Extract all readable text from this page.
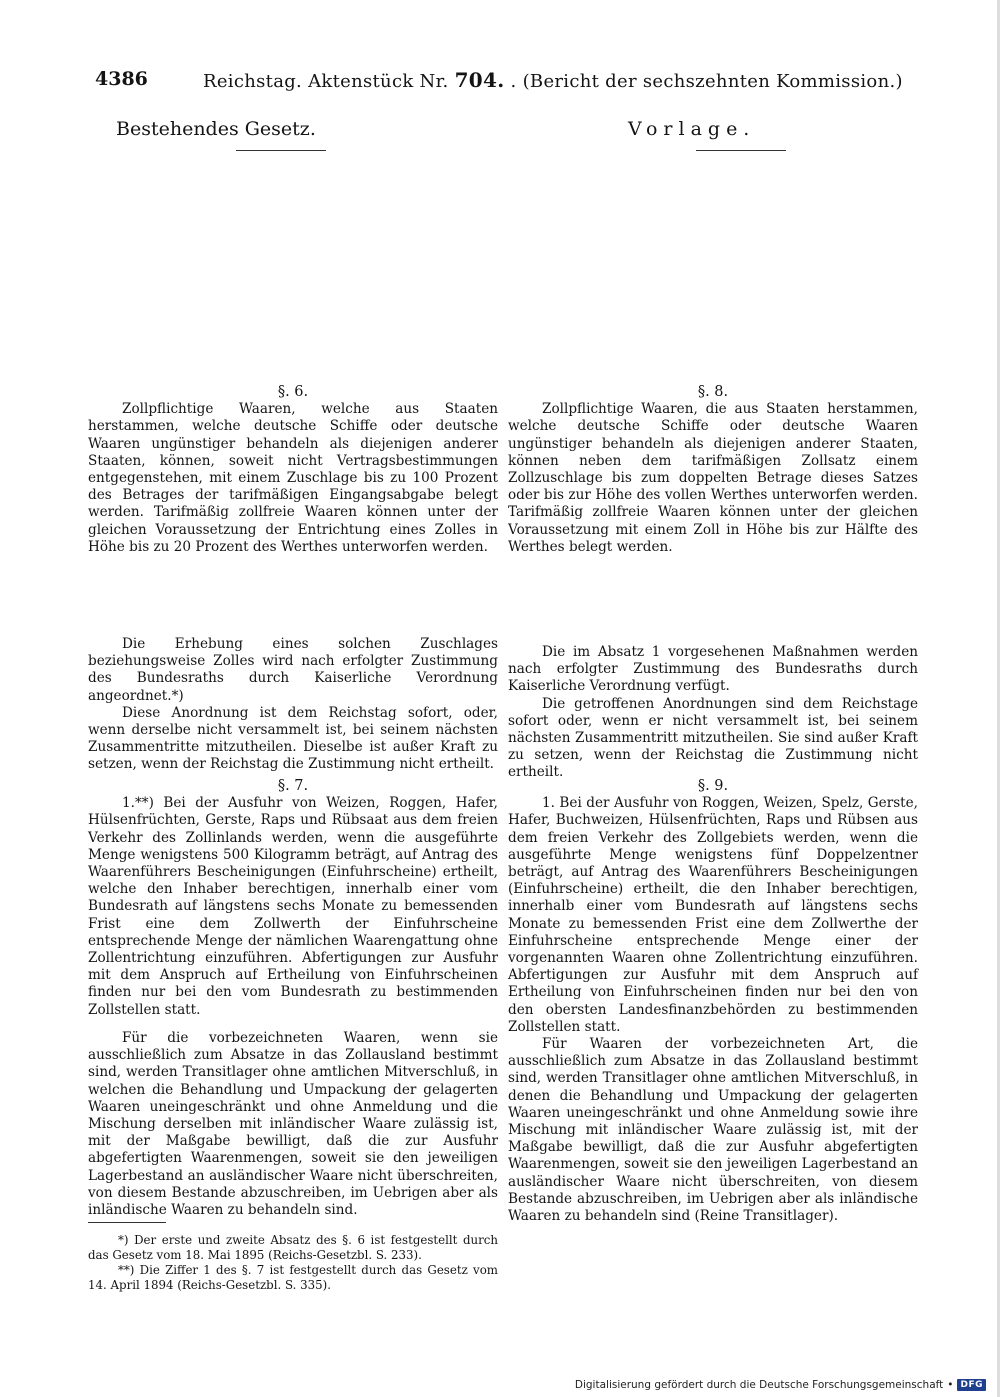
4386	Reichstag. Aktenstück Nr. 704. . (Bericht der sechszehnten Kommission.)
Bestehendes Gesetz.

§. 6.

Zollpflichtige Waaren, welche aus Staaten herstammen, welche deutsche Schiffe oder deutsche Waaren ungünstiger behandeln als diejenigen anderer Staaten, können, soweit nicht Vertragsbestimmungen entgegenstehen, mit einem Zuschlage bis zu 100 Prozent des Betrages der tarifmäßigen Eingangsabgabe belegt werden. Tarifmäßig zollfreie Waaren können unter der gleichen Voraussetzung der Entrichtung eines Zolles in Höhe bis zu 20 Prozent des Werthes unterworfen werden.

Die Erhebung eines solchen Zuschlages beziehungsweise Zolles wird nach erfolgter Zustimmung des Bundesraths durch Kaiserliche Verordnung angeordnet.*)

Diese Anordnung ist dem Reichstag sofort, oder, wenn derselbe nicht versammelt ist, bei seinem nächsten Zusammentritte mitzutheilen. Dieselbe ist außer Kraft zu setzen, wenn der Reichstag die Zustimmung nicht ertheilt.

§. 7.

1.**) Bei der Ausfuhr von Weizen, Roggen, Hafer, Hülsenfrüchten, Gerste, Raps und Rübsaat aus dem freien Verkehr des Zollinlands werden, wenn die ausgeführte Menge wenigstens 500 Kilogramm beträgt, auf Antrag des Waarenführers Bescheinigungen (Einfuhrscheine) ertheilt, welche den Inhaber berechtigen, innerhalb einer vom Bundesrath auf längstens sechs Monate zu bemessenden Frist eine dem Zollwerth der Einfuhrscheine entsprechende Menge der nämlichen Waarengattung ohne Zollentrichtung einzuführen. Abfertigungen zur Ausfuhr mit dem Anspruch auf Ertheilung von Einfuhrscheinen finden nur bei den vom Bundesrath zu bestimmenden Zollstellen statt.

Für die vorbezeichneten Waaren, wenn sie ausschließlich zum Absatze in das Zollausland bestimmt sind, werden Transitlager ohne amtlichen Mitverschluß, in welchen die Behandlung und Umpackung der gelagerten Waaren uneingeschränkt und ohne Anmeldung und die Mischung derselben mit inländischer Waare zulässig ist, mit der Maßgabe bewilligt, daß die zur Ausfuhr abgefertigten Waarenmengen, soweit sie den jeweiligen Lagerbestand an ausländischer Waare nicht überschreiten, von diesem Bestande abzuschreiben, im Uebrigen aber als inländische Waaren zu behandeln sind.

Vorlage.

§. 8.

Zollpflichtige Waaren, die aus Staaten herstammen, welche deutsche Schiffe oder deutsche Waaren ungünstiger behandeln als diejenigen anderer Staaten, können neben dem tarifmäßigen Zollsatz einem Zollzuschlage bis zum doppelten Betrage dieses Satzes oder bis zur Höhe des vollen Werthes unterworfen werden. Tarifmäßig zollfreie Waaren können unter der gleichen Voraussetzung mit einem Zoll in Höhe bis zur Hälfte des Werthes belegt werden.

Die im Absatz 1 vorgesehenen Maßnahmen werden nach erfolgter Zustimmung des Bundesraths durch Kaiserliche Verordnung verfügt.

Die getroffenen Anordnungen sind dem Reichstage sofort oder, wenn er nicht versammelt ist, bei seinem nächsten Zusammentritt mitzutheilen. Sie sind außer Kraft zu setzen, wenn der Reichstag die Zustimmung nicht ertheilt.

§. 9.

1. Bei der Ausfuhr von Roggen, Weizen, Spelz, Gerste, Hafer, Buchweizen, Hülsenfrüchten, Raps und Rübsen aus dem freien Verkehr des Zollgebiets werden, wenn die ausgeführte Menge wenigstens fünf Doppelzentner beträgt, auf Antrag des Waarenführers Bescheinigungen (Einfuhrscheine) ertheilt, die den Inhaber berechtigen, innerhalb einer vom Bundesrath auf längstens sechs Monate zu bemessenden Frist eine dem Zollwerthe der Einfuhrscheine entsprechende Menge einer der vorgenannten Waaren ohne Zollentrichtung einzuführen. Abfertigungen zur Ausfuhr mit dem Anspruch auf Ertheilung von Einfuhrscheinen finden nur bei den von den obersten Landesfinanzbehörden zu bestimmenden Zollstellen statt.

Für Waaren der vorbezeichneten Art, die ausschließlich zum Absatze in das Zollausland bestimmt sind, werden Transitlager ohne amtlichen Mitverschluß, in denen die Behandlung und Umpackung der gelagerten Waaren uneingeschränkt und ohne Anmeldung sowie ihre Mischung mit inländischer Waare zulässig ist, mit der Maßgabe bewilligt, daß die zur Ausfuhr abgefertigten Waarenmengen, soweit sie den jeweiligen Lagerbestand an ausländischer Waare nicht überschreiten, von diesem Bestande abzuschreiben, im Uebrigen aber als inländische Waaren zu behandeln sind (Reine Transitlager).

*) Der erste und zweite Absatz des §. 6 ist festgestellt durch das Gesetz vom 18. Mai 1895 (Reichs-Gesetzbl. S. 233).

**) Die Ziffer 1 des §. 7 ist festgestellt durch das Gesetz vom 14. April 1894 (Reichs-Gesetzbl. S. 335).

Digitalisierung gefördert durch die Deutsche Forschungsgemeinschaft • DFG
